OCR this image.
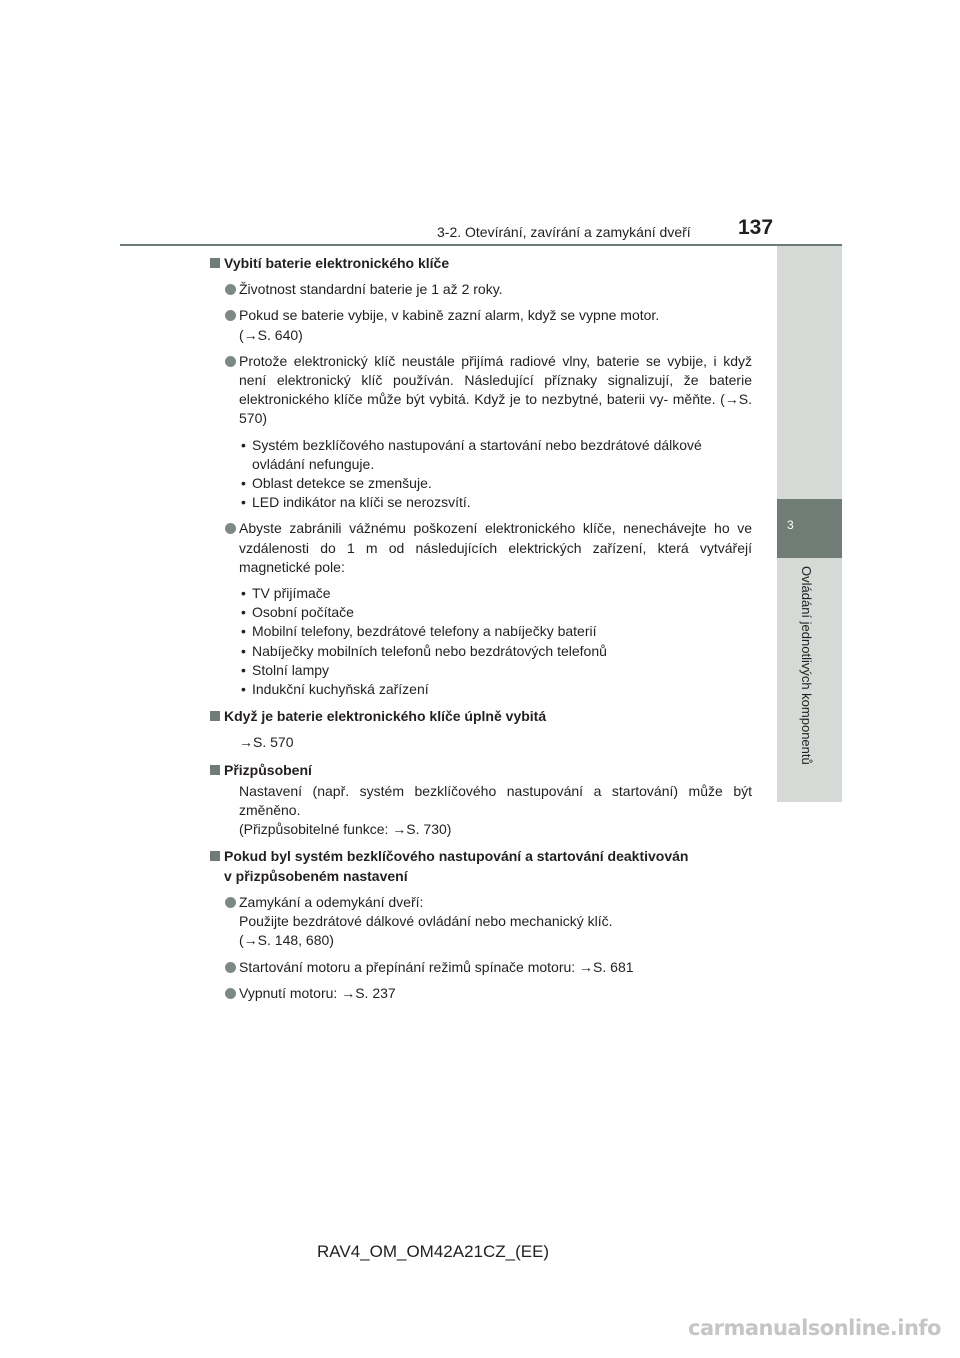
3-2. Otevírání, zavírání a zamykání dveří 137
3
Ovládání jednotlivých komponentů

Vybití baterie elektronického klíče

Životnost standardní baterie je 1 až 2 roky.
Pokud se baterie vybije, v kabině zazní alarm, když se vypne motor.
(→S. 640)
Protože elektronický klíč neustále přijímá radiové vlny, baterie se vybije, i když není elektronický klíč používán. Následující příznaky signalizují, že baterie elektronického klíče může být vybitá. Když je to nezbytné, baterii vy- měňte. (→S. 570)
• Systém bezklíčového nastupování a startování nebo bezdrátové dálkové
ovládání nefunguje.
• Oblast detekce se zmenšuje.
• LED indikátor na klíči se nerozsvítí.
Abyste zabránili vážnému poškození elektronického klíče, nenechávejte ho ve vzdálenosti do 1 m od následujících elektrických zařízení, která vytvářejí magnetické pole:
• TV přijímače
• Osobní počítače
• Mobilní telefony, bezdrátové telefony a nabíječky baterií
• Nabíječky mobilních telefonů nebo bezdrátových telefonů
• Stolní lampy
• Indukční kuchyňská zařízení

Když je baterie elektronického klíče úplně vybitá

→S. 570

Přizpůsobení

Nastavení (např. systém bezklíčového nastupování a startování) může být změněno.
(Přizpůsobitelné funkce: →S. 730)

Pokud byl systém bezklíčového nastupování a startování deaktivován
v přizpůsobeném nastavení

Zamykání a odemykání dveří:
Použijte bezdrátové dálkové ovládání nebo mechanický klíč.
(→S. 148, 680)
Startování motoru a přepínání režimů spínače motoru: →S. 681
Vypnutí motoru: →S. 237
RAV4_OM_OM42A21CZ_(EE)
carmanualsonline.info
